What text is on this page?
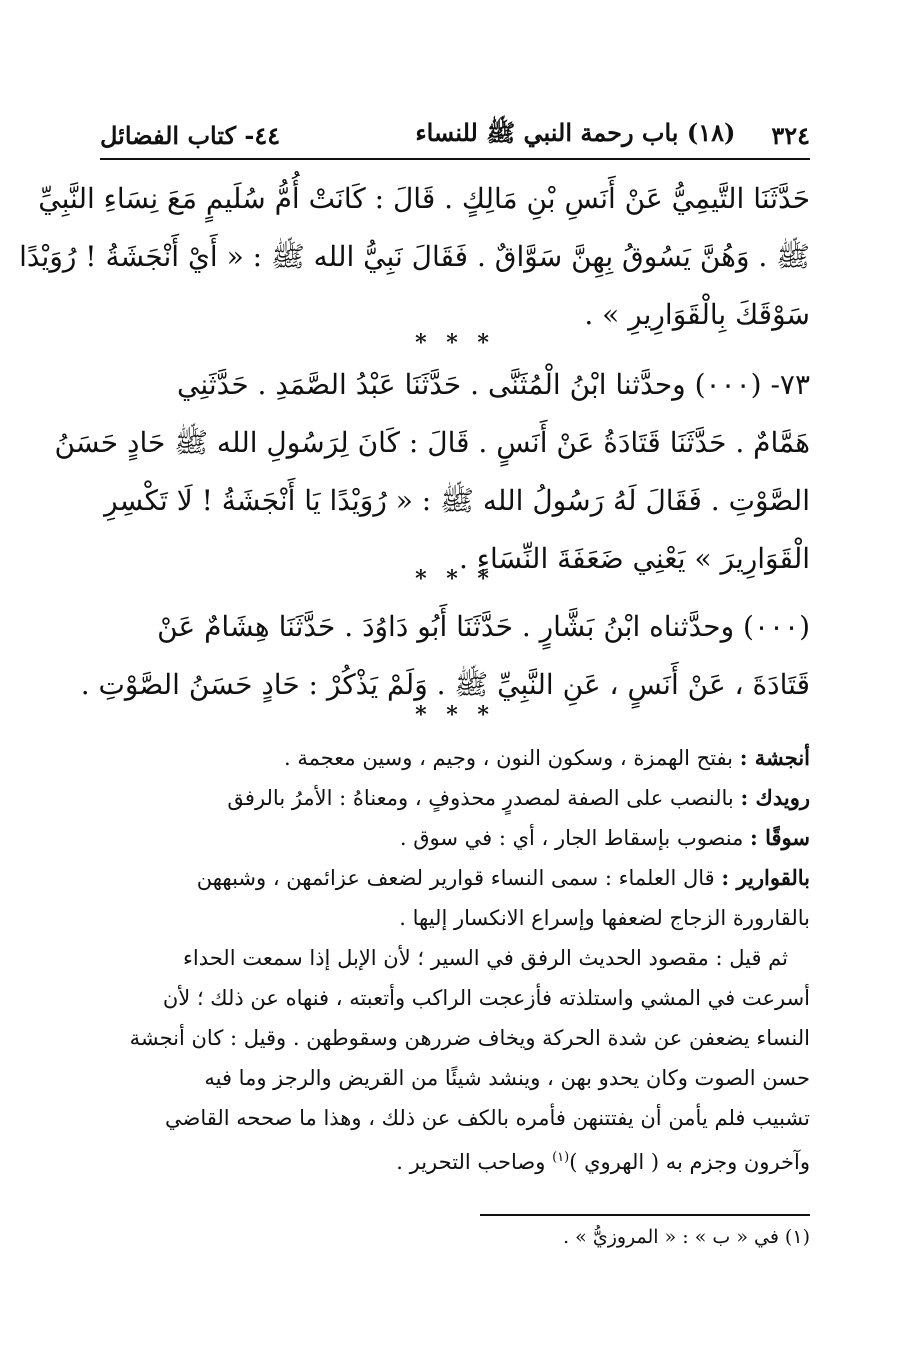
٣٢٤
(١٨) باب رحمة النبي ﷺ للنساء
٤٤- كتاب الفضائل
حَدَّثَنَا التَّيمِيُّ عَنْ أَنَسِ بْنِ مَالِكٍ . قَالَ : كَانَتْ أُمُّ سُلَيمٍ مَعَ نِسَاءِ النَّبِيِّ
ﷺ . وَهُنَّ يَسُوقُ بِهِنَّ سَوَّاقٌ . فَقَالَ نَبِيُّ الله ﷺ : « أَيْ أَنْجَشَةُ ! رُوَيْدًا
سَوْقَكَ بِالْقَوَارِيرِ » .
* * *
٧٣- (٠٠٠) وحدَّثنا ابْنُ الْمُثَنَّى . حَدَّثَنَا عَبْدُ الصَّمَدِ . حَدَّثَنِي
هَمَّامٌ . حَدَّثَنَا قَتَادَةُ عَنْ أَنَسٍ . قَالَ : كَانَ لِرَسُولِ الله ﷺ حَادٍ حَسَنُ
الصَّوْتِ . فَقَالَ لَهُ رَسُولُ الله ﷺ : « رُوَيْدًا يَا أَنْجَشَةُ ! لَا تَكْسِرِ
الْقَوَارِيرَ » يَعْنِي ضَعَفَةَ النِّسَاءِ .
* * *
(٠٠٠) وحدَّثناه ابْنُ بَشَّارٍ . حَدَّثَنَا أَبُو دَاوُدَ . حَدَّثَنَا هِشَامٌ عَنْ
قَتَادَةَ ، عَنْ أَنَسٍ ، عَنِ النَّبِيِّ ﷺ . وَلَمْ يَذْكُرْ : حَادٍ حَسَنُ الصَّوْتِ .
* * *
أنجشة : بفتح الهمزة ، وسكون النون ، وجيم ، وسين معجمة .
رويدك : بالنصب على الصفة لمصدرٍ محذوفٍ ، ومعناهُ : الأمرُ بالرفق
سوقًا : منصوب بإسقاط الجار ، أي : في سوق .
بالقوارير : قال العلماء : سمى النساء قوارير لضعف عزائمهن ، وشبههن
بالقارورة الزجاج لضعفها وإسراع الانكسار إليها .
ثم قيل : مقصود الحديث الرفق في السير ؛ لأن الإبل إذا سمعت الحداء
أسرعت في المشي واستلذته فأزعجت الراكب وأتعبته ، فنهاه عن ذلك ؛ لأن
النساء يضعفن عن شدة الحركة ويخاف ضررهن وسقوطهن . وقيل : كان أنجشة
حسن الصوت وكان يحدو بهن ، وينشد شيئًا من القريض والرجز وما فيه
تشبيب فلم يأمن أن يفتتنهن فأمره بالكف عن ذلك ، وهذا ما صححه القاضي
وآخرون وجزم به ( الهروي )$^{(١)}$ وصاحب التحرير .
(١) في « ب » : « المروزيُّ » .
